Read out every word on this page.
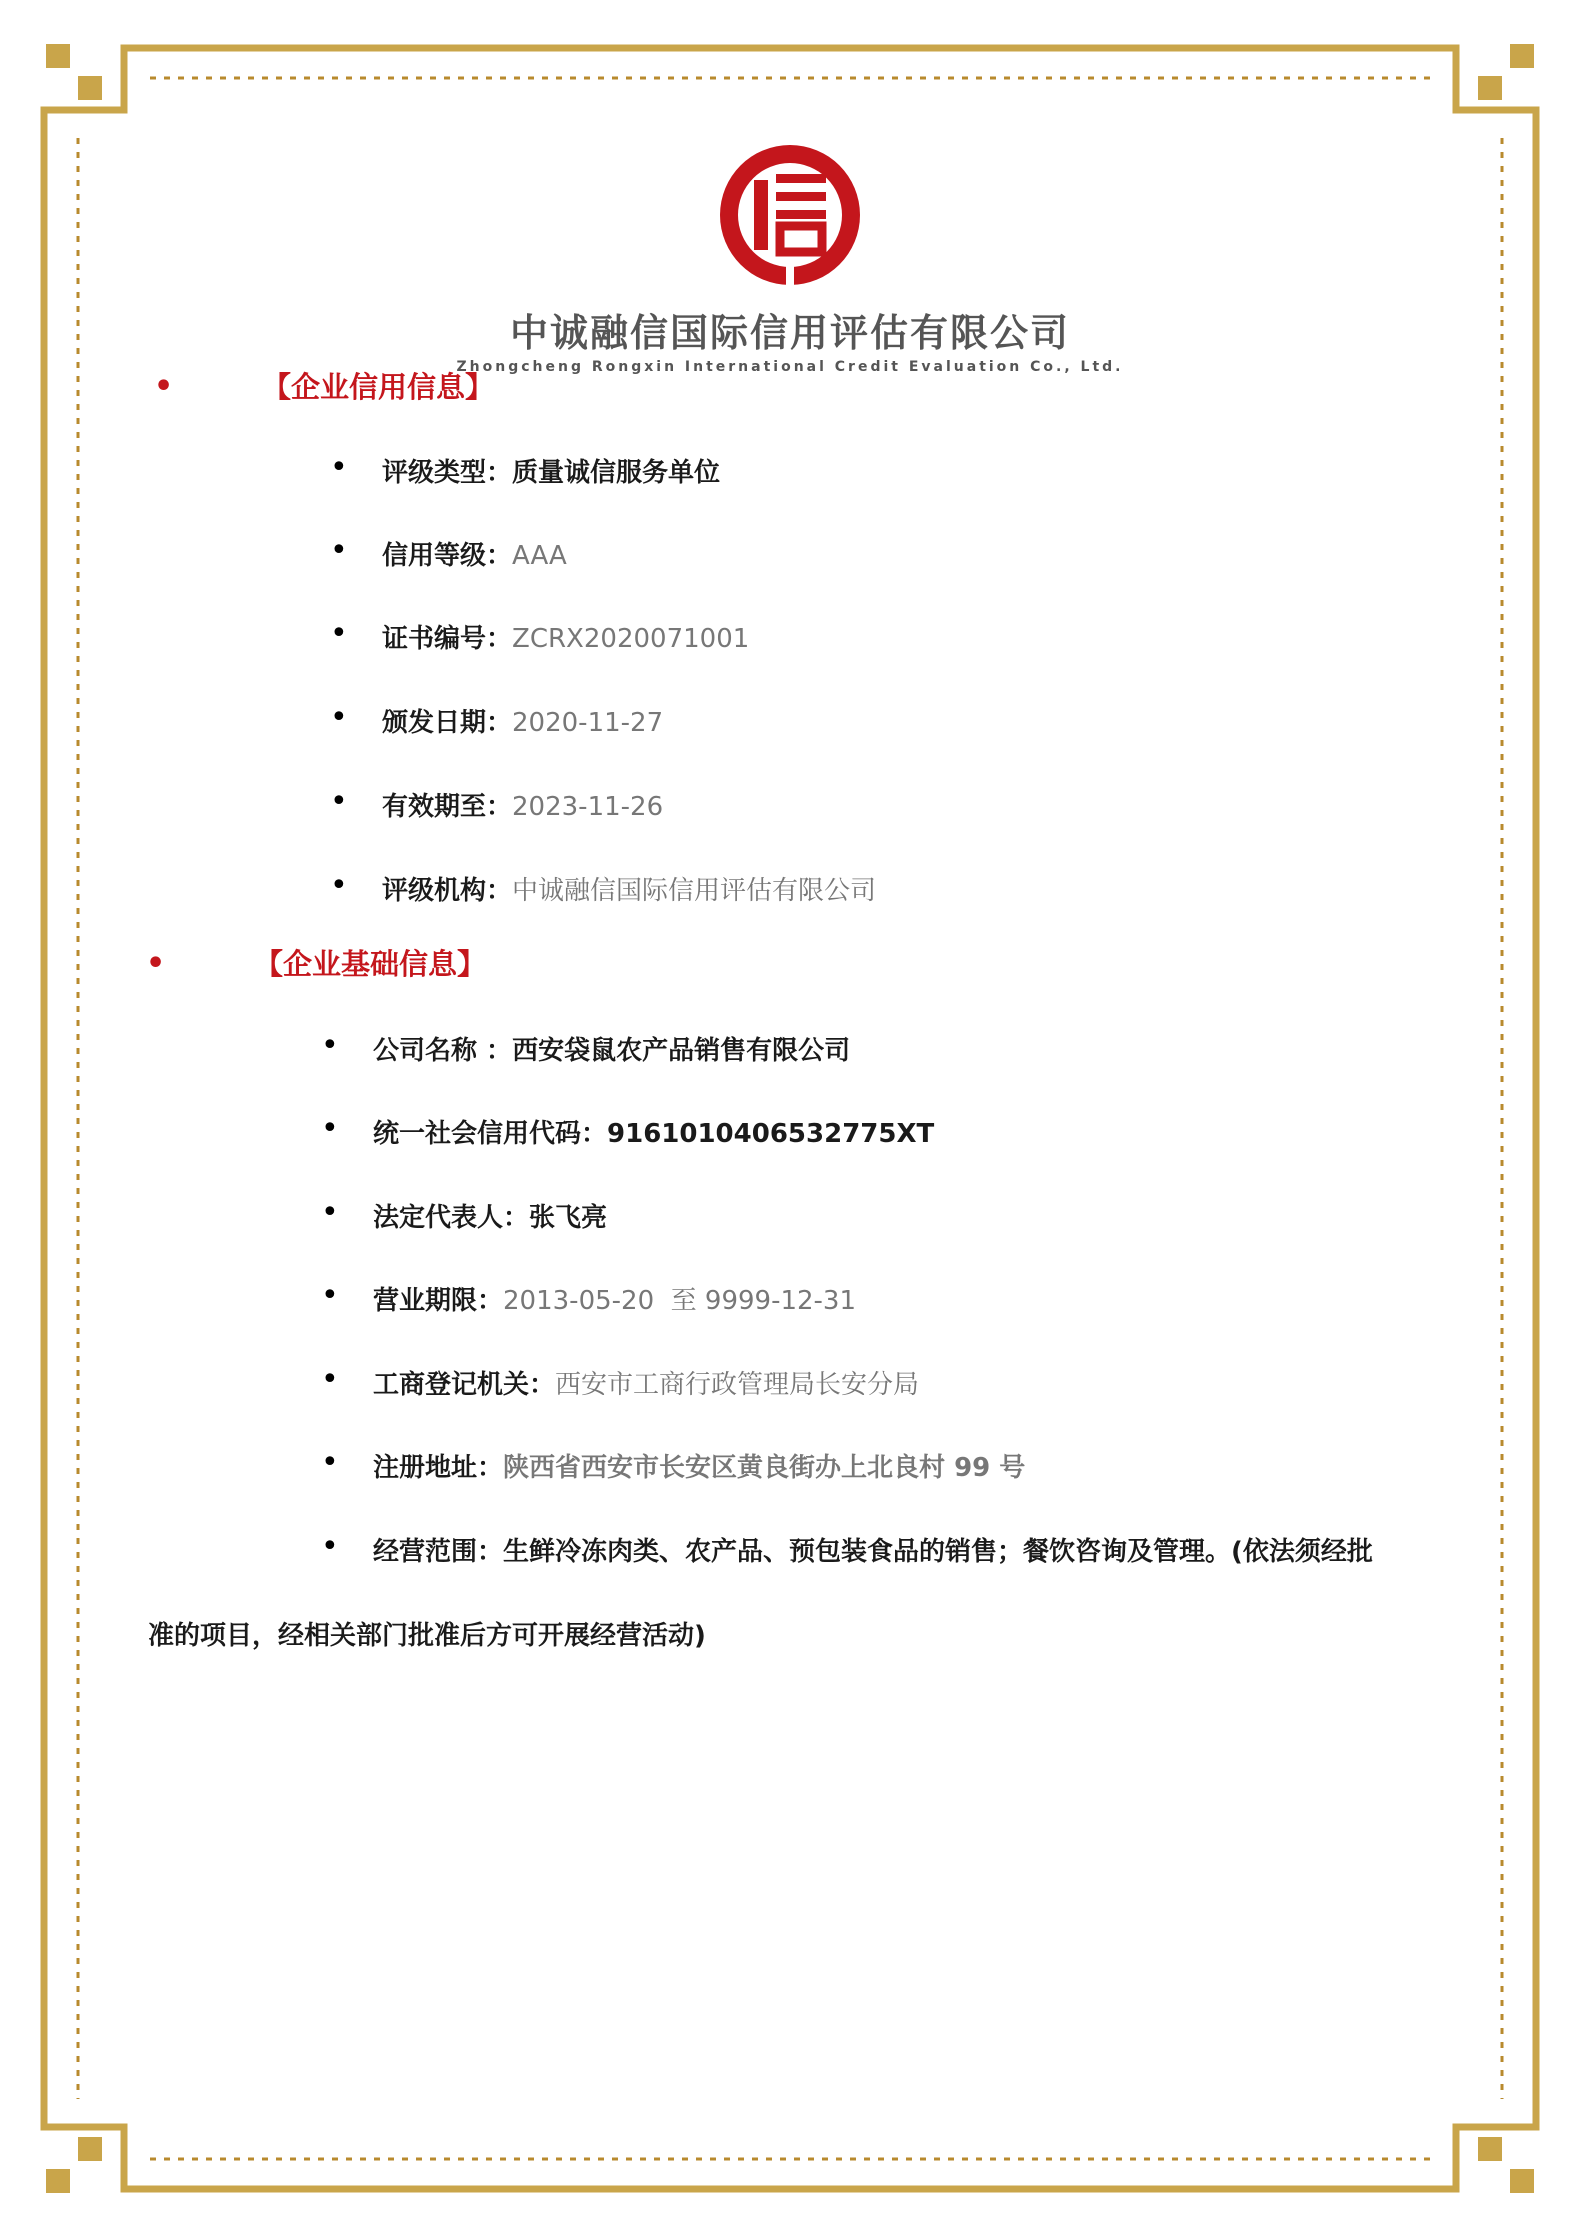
中诚融信国际信用评估有限公司
Zhongcheng Rongxin International Credit Evaluation Co., Ltd.
•	【企业信用信息】
• 评级类型：质量诚信服务单位
• 信用等级：AAA
• 证书编号：ZCRX2020071001
• 颁发日期：2020-11-27
• 有效期至：2023-11-26
• 评级机构：中诚融信国际信用评估有限公司
•	【企业基础信息】
• 公司名称 ：西安袋鼠农产品销售有限公司
• 统一社会信用代码：9161010406532775XT
• 法定代表人：张飞亮
• 营业期限：2013-05-20  至 9999-12-31
• 工商登记机关：西安市工商行政管理局长安分局
• 注册地址：陕西省西安市长安区黄良街办上北良村 99 号
• 经营范围：生鲜冷冻肉类、农产品、预包装食品的销售；餐饮咨询及管理。(依法须经批
准的项目，经相关部门批准后方可开展经营活动)
